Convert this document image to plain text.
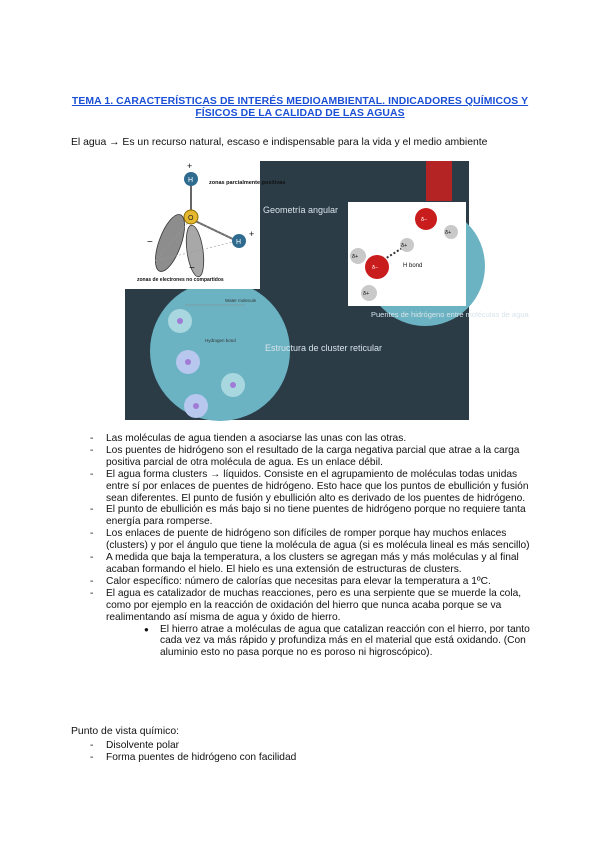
TEMA 1. CARACTERÍSTICAS DE INTERÉS MEDIOAMBIENTAL. INDICADORES QUÍMICOS Y FÍSICOS DE LA CALIDAD DE LAS AGUAS
El agua → Es un recurso natural, escaso e indispensable para la vida y el medio ambiente
O
H
H
+
+
−
−
zonas parcialmente positivas
zonas de electrones no compartidos
Geometría angular
δ+
δ+
δ+
δ+
δ−
δ−
H bond
Puentes de hidrógeno entre moléculas de agua
Estructura de cluster reticular
Water molecule
Hydrogen bond
- Las moléculas de agua tienden a asociarse las unas con las otras.
- Los puentes de hidrógeno son el resultado de la carga negativa parcial que atrae a la carga positiva parcial de otra molécula de agua. Es un enlace débil.
- El agua forma clusters → líquidos. Consiste en el agrupamiento de moléculas todas unidas entre sí por enlaces de puentes de hidrógeno. Esto hace que los puntos de ebullición y fusión sean diferentes. El punto de fusión y ebullición alto es derivado de los puentes de hidrógeno.
- El punto de ebullición es más bajo si no tiene puentes de hidrógeno porque no requiere tanta energía para romperse.
- Los enlaces de puente de hidrógeno son difíciles de romper porque hay muchos enlaces (clusters) y por el ángulo que tiene la molécula de agua (si es molécula lineal es más sencillo)
- A medida que baja la temperatura, a los clusters se agregan más y más moléculas y al final acaban formando el hielo. El hielo es una extensión de estructuras de clusters.
- Calor específico: número de calorías que necesitas para elevar la temperatura a 1ºC.
- El agua es catalizador de muchas reacciones, pero es una serpiente que se muerde la cola, como por ejemplo en la reacción de oxidación del hierro que nunca acaba porque se va realimentando así misma de agua y óxido de hierro.
● El hierro atrae a moléculas de agua que catalizan reacción con el hierro, por tanto cada vez va más rápido y profundiza más en el material que está oxidando. (Con aluminio esto no pasa porque no es poroso ni higroscópico).
Punto de vista químico:
- Disolvente polar
- Forma puentes de hidrógeno con facilidad
